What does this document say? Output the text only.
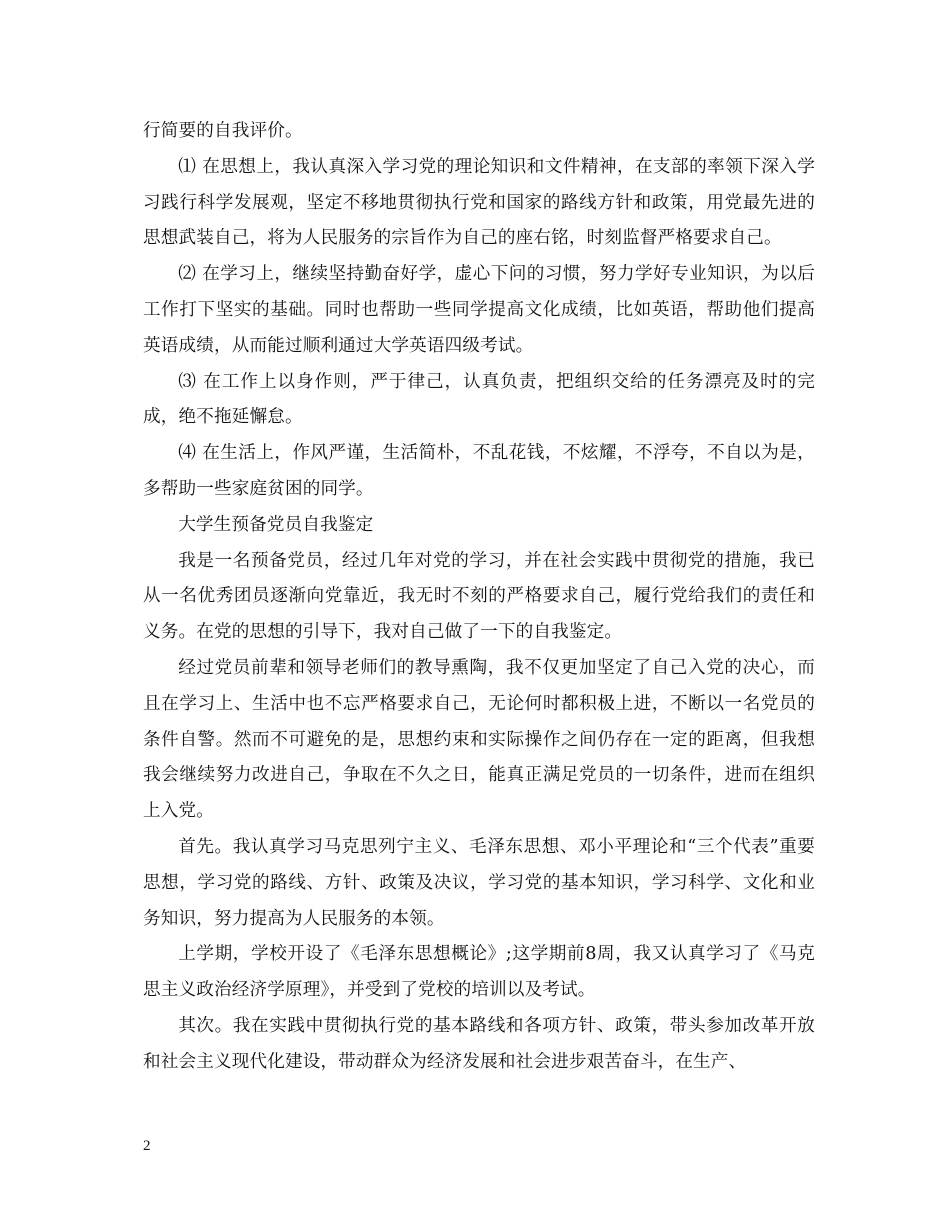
行简要的自我评价。

⑴ 在思想上，我认真深入学习党的理论知识和文件精神，在支部的率领下深入学习践行科学发展观，坚定不移地贯彻执行党和国家的路线方针和政策，用党最先进的思想武装自己，将为人民服务的宗旨作为自己的座右铭，时刻监督严格要求自己。

⑵ 在学习上，继续坚持勤奋好学，虚心下问的习惯，努力学好专业知识，为以后工作打下坚实的基础。同时也帮助一些同学提高文化成绩，比如英语，帮助他们提高英语成绩，从而能过顺利通过大学英语四级考试。

⑶ 在工作上以身作则，严于律己，认真负责，把组织交给的任务漂亮及时的完成，绝不拖延懈怠。

⑷ 在生活上，作风严谨，生活简朴，不乱花钱，不炫耀，不浮夸，不自以为是，多帮助一些家庭贫困的同学。

大学生预备党员自我鉴定

我是一名预备党员，经过几年对党的学习，并在社会实践中贯彻党的措施，我已从一名优秀团员逐渐向党靠近，我无时不刻的严格要求自己，履行党给我们的责任和义务。在党的思想的引导下，我对自己做了一下的自我鉴定。

经过党员前辈和领导老师们的教导熏陶，我不仅更加坚定了自己入党的决心，而且在学习上、生活中也不忘严格要求自己，无论何时都积极上进，不断以一名党员的条件自警。然而不可避免的是，思想约束和实际操作之间仍存在一定的距离，但我想我会继续努力改进自己，争取在不久之日，能真正满足党员的一切条件，进而在组织上入党。

首先。我认真学习马克思列宁主义、毛泽东思想、邓小平理论和“三个代表”重要思想，学习党的路线、方针、政策及决议，学习党的基本知识，学习科学、文化和业务知识，努力提高为人民服务的本领。

上学期，学校开设了《毛泽东思想概论》;这学期前8周，我又认真学习了《马克思主义政治经济学原理》，并受到了党校的培训以及考试。

其次。我在实践中贯彻执行党的基本路线和各项方针、政策，带头参加改革开放和社会主义现代化建设，带动群众为经济发展和社会进步艰苦奋斗，在生产、

2
